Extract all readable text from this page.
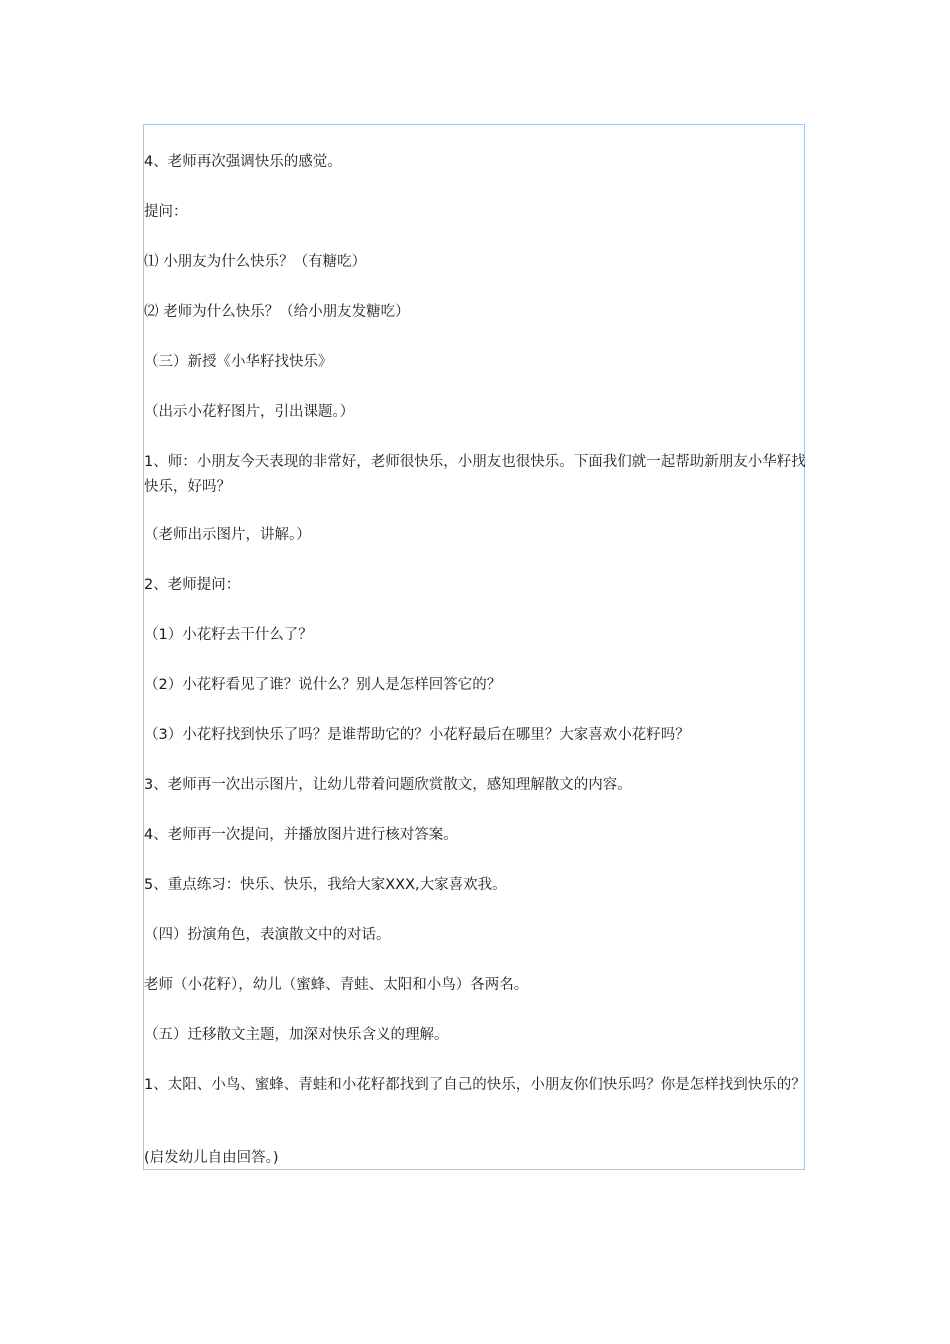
4、老师再次强调快乐的感觉。
提问：
⑴ 小朋友为什么快乐？（有糖吃）
⑵ 老师为什么快乐？（给小朋友发糖吃）
（三）新授《小华籽找快乐》
（出示小花籽图片，引出课题。）
1、师：小朋友今天表现的非常好，老师很快乐，小朋友也很快乐。下面我们就一起帮助新朋友小华籽找快乐，好吗？
（老师出示图片，讲解。）
2、老师提问：
（1）小花籽去干什么了？
（2）小花籽看见了谁？说什么？别人是怎样回答它的？
（3）小花籽找到快乐了吗？是谁帮助它的？小花籽最后在哪里？大家喜欢小花籽吗？
3、老师再一次出示图片，让幼儿带着问题欣赏散文，感知理解散文的内容。
4、老师再一次提问，并播放图片进行核对答案。
5、重点练习：快乐、快乐，我给大家XXX,大家喜欢我。
（四）扮演角色，表演散文中的对话。
老师（小花籽），幼儿（蜜蜂、青蛙、太阳和小鸟）各两名。
（五）迁移散文主题，加深对快乐含义的理解。
1、太阳、小鸟、蜜蜂、青蛙和小花籽都找到了自己的快乐，小朋友你们快乐吗？你是怎样找到快乐的？
(启发幼儿自由回答。)
